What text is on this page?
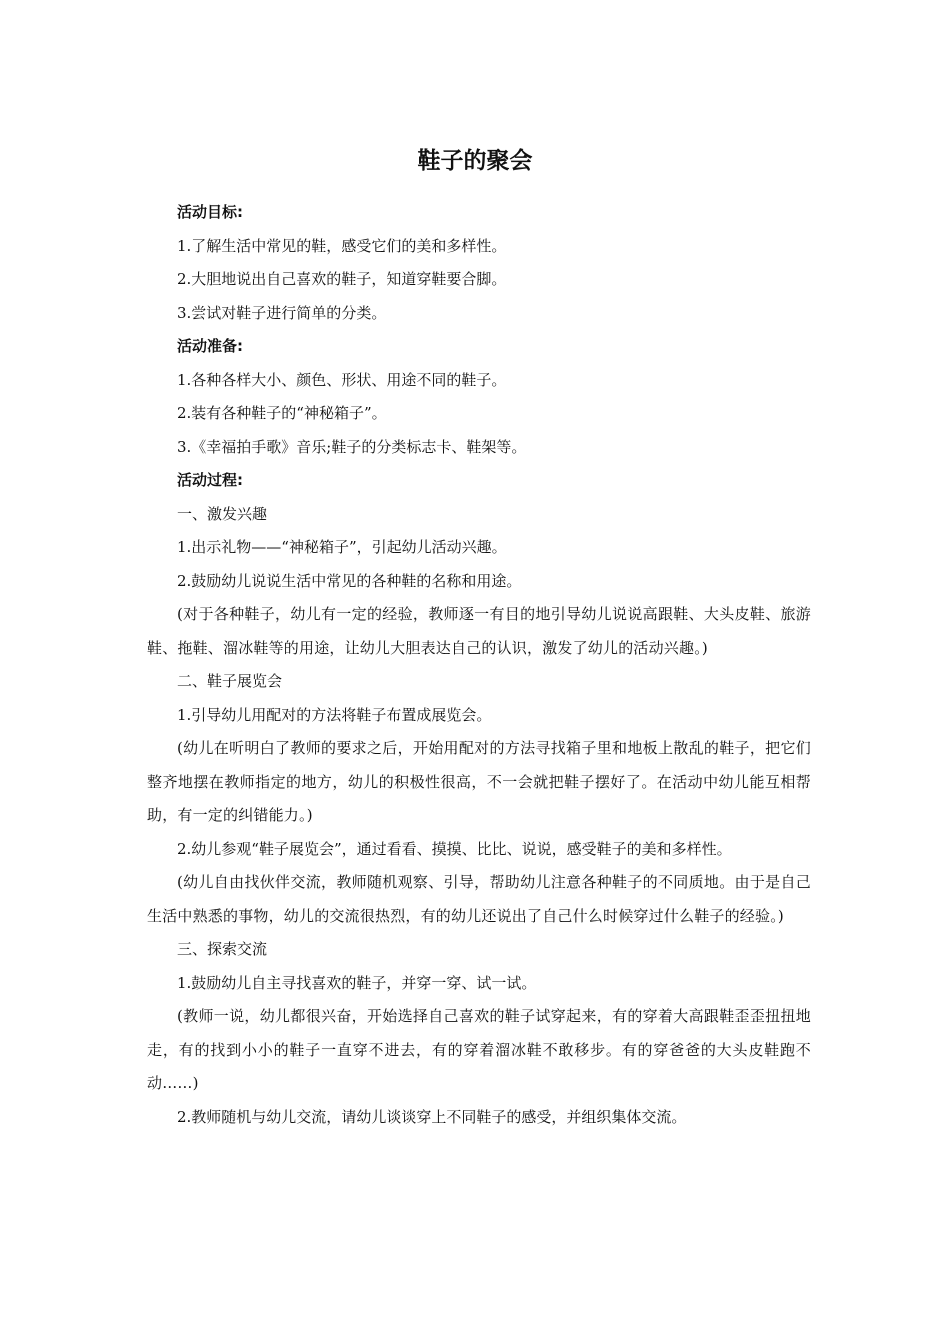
鞋子的聚会

活动目标:

1.了解生活中常见的鞋，感受它们的美和多样性。

2.大胆地说出自己喜欢的鞋子，知道穿鞋要合脚。

3.尝试对鞋子进行简单的分类。

活动准备:

1.各种各样大小、颜色、形状、用途不同的鞋子。

2.装有各种鞋子的“神秘箱子”。

3.《幸福拍手歌》音乐;鞋子的分类标志卡、鞋架等。

活动过程:

一、激发兴趣

1.出示礼物——“神秘箱子”，引起幼儿活动兴趣。

2.鼓励幼儿说说生活中常见的各种鞋的名称和用途。

(对于各种鞋子，幼儿有一定的经验，教师逐一有目的地引导幼儿说说高跟鞋、大头皮鞋、旅游鞋、拖鞋、溜冰鞋等的用途，让幼儿大胆表达自己的认识，激发了幼儿的活动兴趣。)

二、鞋子展览会

1.引导幼儿用配对的方法将鞋子布置成展览会。

(幼儿在听明白了教师的要求之后，开始用配对的方法寻找箱子里和地板上散乱的鞋子，把它们整齐地摆在教师指定的地方，幼儿的积极性很高，不一会就把鞋子摆好了。在活动中幼儿能互相帮助，有一定的纠错能力。)

2.幼儿参观“鞋子展览会”，通过看看、摸摸、比比、说说，感受鞋子的美和多样性。

(幼儿自由找伙伴交流，教师随机观察、引导，帮助幼儿注意各种鞋子的不同质地。由于是自己生活中熟悉的事物，幼儿的交流很热烈，有的幼儿还说出了自己什么时候穿过什么鞋子的经验。)

三、探索交流

1.鼓励幼儿自主寻找喜欢的鞋子，并穿一穿、试一试。

(教师一说，幼儿都很兴奋，开始选择自己喜欢的鞋子试穿起来，有的穿着大高跟鞋歪歪扭扭地走，有的找到小小的鞋子一直穿不进去，有的穿着溜冰鞋不敢移步。有的穿爸爸的大头皮鞋跑不动……)

2.教师随机与幼儿交流，请幼儿谈谈穿上不同鞋子的感受，并组织集体交流。
